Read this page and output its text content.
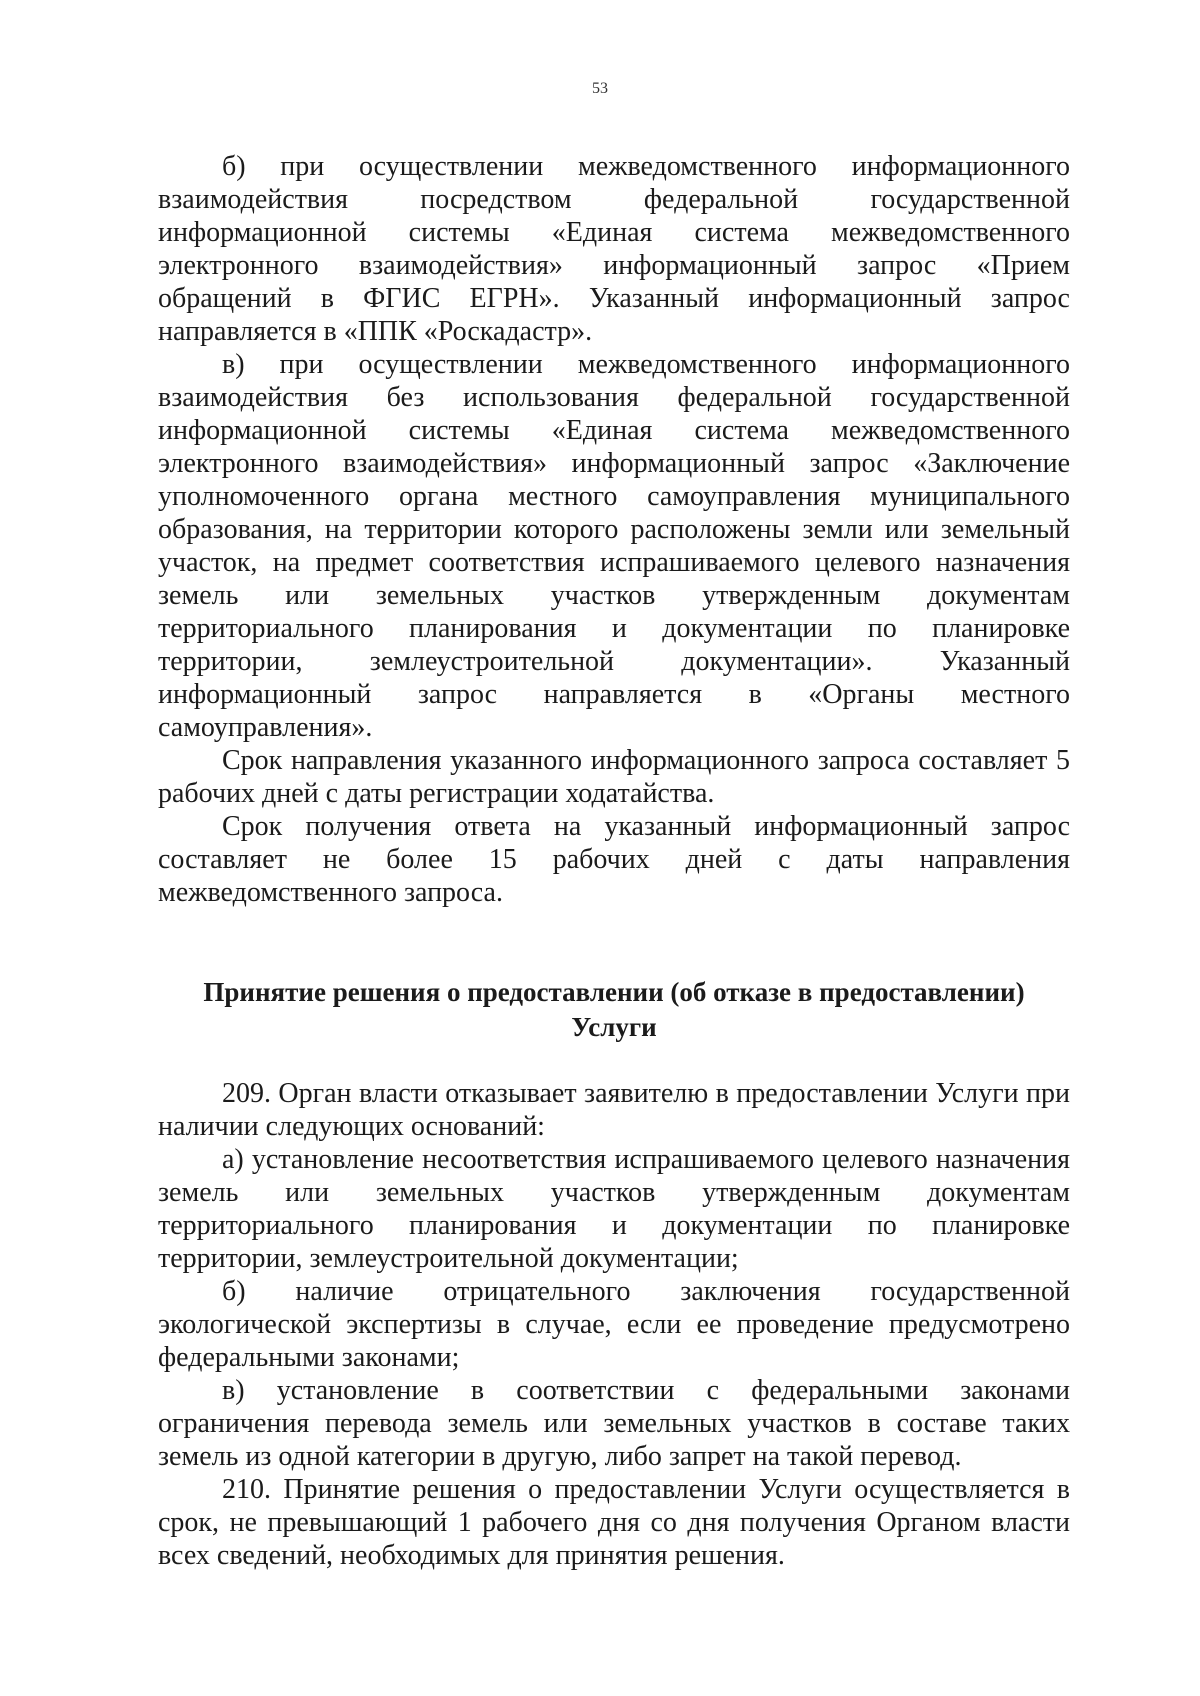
53

б) при осуществлении межведомственного информационного взаимодействия посредством федеральной государственной информационной системы «Единая система межведомственного электронного взаимодействия» информационный запрос «Прием обращений в ФГИС ЕГРН». Указанный информационный запрос направляется в «ППК «Роскадастр».

в) при осуществлении межведомственного информационного взаимодействия без использования федеральной государственной информационной системы «Единая система межведомственного электронного взаимодействия» информационный запрос «Заключение уполномоченного органа местного самоуправления муниципального образования, на территории которого расположены земли или земельный участок, на предмет соответствия испрашиваемого целевого назначения земель или земельных участков утвержденным документам территориального планирования и документации по планировке территории, землеустроительной документации». Указанный информационный запрос направляется в «Органы местного самоуправления».

Срок направления указанного информационного запроса составляет 5 рабочих дней с даты регистрации ходатайства.

Срок получения ответа на указанный информационный запрос составляет не более 15 рабочих дней с даты направления межведомственного запроса.

Принятие решения о предоставлении (об отказе в предоставлении)
Услуги

209. Орган власти отказывает заявителю в предоставлении Услуги при наличии следующих оснований:

а) установление несоответствия испрашиваемого целевого назначения земель или земельных участков утвержденным документам территориального планирования и документации по планировке территории, землеустроительной документации;

б) наличие отрицательного заключения государственной экологической экспертизы в случае, если ее проведение предусмотрено федеральными законами;

в) установление в соответствии с федеральными законами ограничения перевода земель или земельных участков в составе таких земель из одной категории в другую, либо запрет на такой перевод.

210. Принятие решения о предоставлении Услуги осуществляется в срок, не превышающий 1 рабочего дня со дня получения Органом власти всех сведений, необходимых для принятия решения.
